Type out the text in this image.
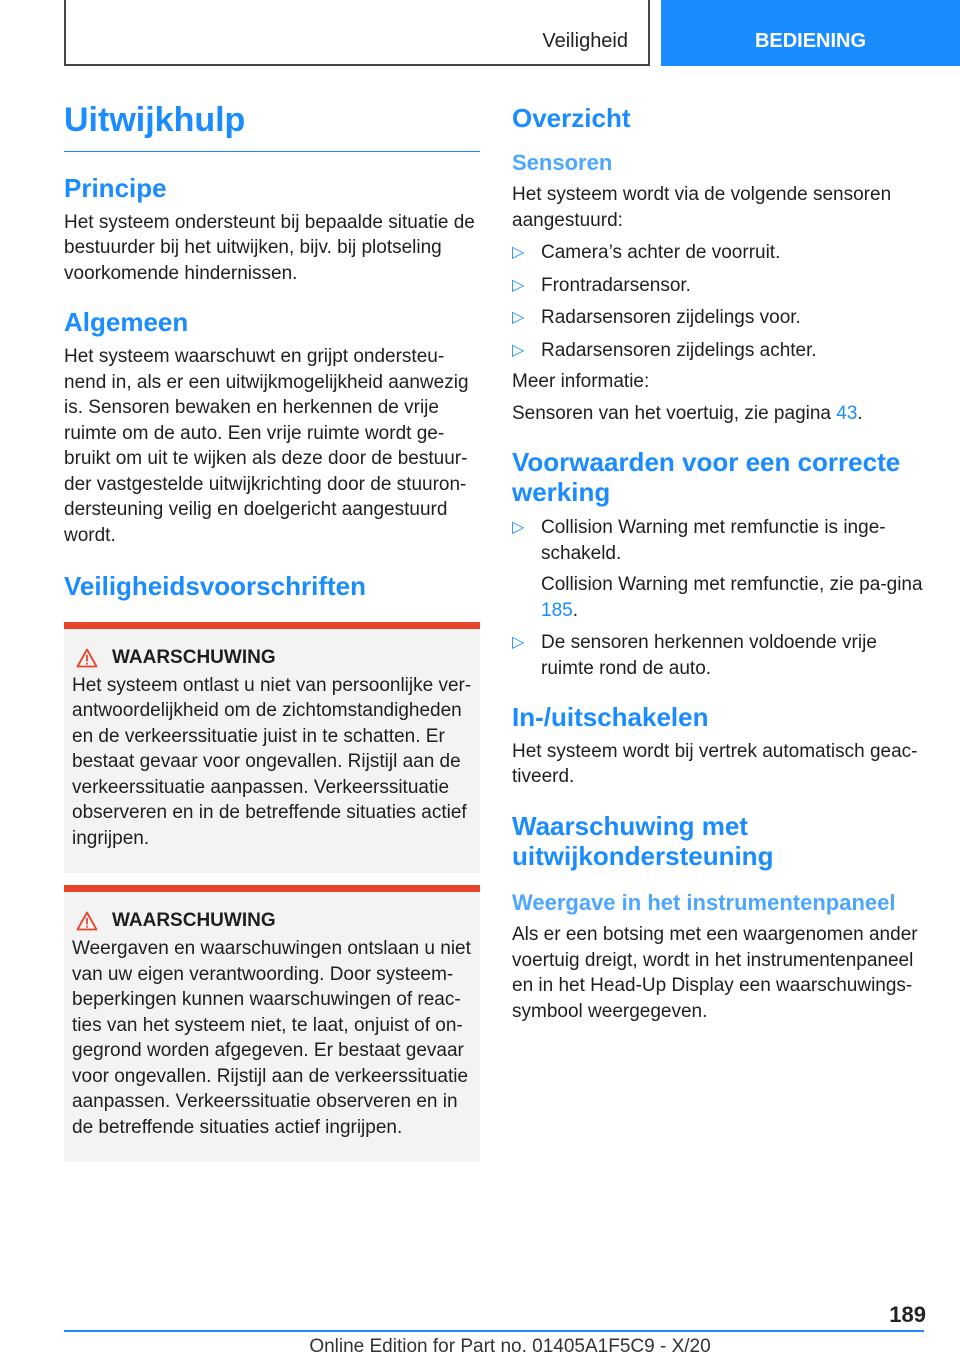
Veiligheid	BEDIENING
Uitwijkhulp
Principe

Het systeem ondersteunt bij bepaalde situatie de bestuurder bij het uitwijken, bijv. bij plotseling voorkomende hindernissen.

Algemeen

Het systeem waarschuwt en grijpt ondersteu-nend in, als er een uitwijkmogelijkheid aanwezig is. Sensoren bewaken en herkennen de vrije ruimte om de auto. Een vrije ruimte wordt ge-bruikt om uit te wijken als deze door de bestuur-der vastgestelde uitwijkrichting door de stuuron-dersteuning veilig en doelgericht aangestuurd wordt.

Veiligheidsvoorschriften
WAARSCHUWING

Het systeem ontlast u niet van persoonlijke ver-antwoordelijkheid om de zichtomstandigheden en de verkeerssituatie juist in te schatten. Er bestaat gevaar voor ongevallen. Rijstijl aan de verkeerssituatie aanpassen. Verkeerssituatie observeren en in de betreffende situaties actief ingrijpen.

WAARSCHUWING

Weergaven en waarschuwingen ontslaan u niet van uw eigen verantwoording. Door systeem-beperkingen kunnen waarschuwingen of reac-ties van het systeem niet, te laat, onjuist of on-gegrond worden afgegeven. Er bestaat gevaar voor ongevallen. Rijstijl aan de verkeerssituatie aanpassen. Verkeerssituatie observeren en in de betreffende situaties actief ingrijpen.

Overzicht
Sensoren

Het systeem wordt via de volgende sensoren aangestuurd:

▷ Camera’s achter de voorruit.
▷ Frontradarsensor.
▷ Radarsensoren zijdelings voor.
▷ Radarsensoren zijdelings achter.

Meer informatie:

Sensoren van het voertuig, zie pagina 43.

Voorwaarden voor een correcte werking
▷ Collision Warning met remfunctie is inge-schakeld.
Collision Warning met remfunctie, zie pa-gina 185.
▷ De sensoren herkennen voldoende vrije ruimte rond de auto.
In-/uitschakelen

Het systeem wordt bij vertrek automatisch geac-tiveerd.

Waarschuwing met uitwijkondersteuning
Weergave in het instrumentenpaneel

Als er een botsing met een waargenomen ander voertuig dreigt, wordt in het instrumentenpaneel en in het Head-Up Display een waarschuwings-symbool weergegeven.

189
Online Edition for Part no. 01405A1F5C9 - X/20
